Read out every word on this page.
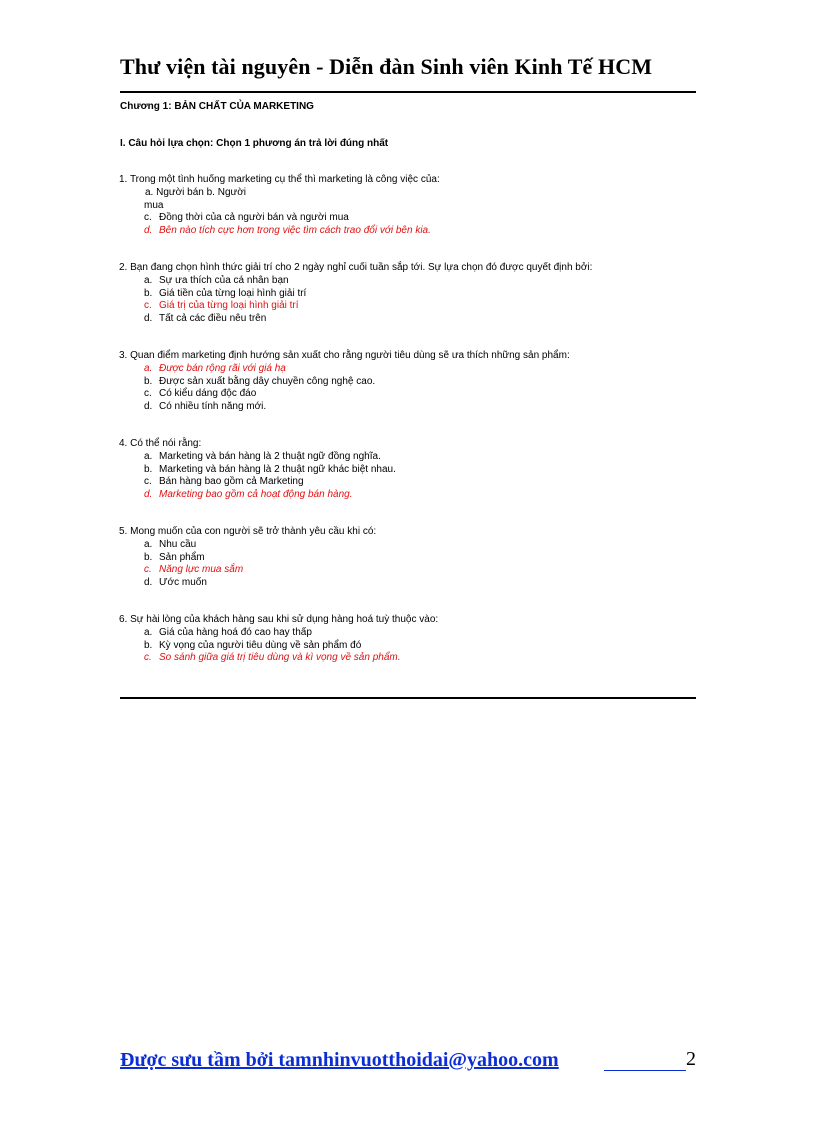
Thư viện tài nguyên - Diễn đàn Sinh viên Kinh Tế HCM
Chương 1: BẢN CHẤT CỦA MARKETING
I. Câu hỏi lựa chọn: Chọn 1 phương án trả lời đúng nhất

1. Trong một tình huống marketing cụ thể thì marketing là công việc của:

a. Người bán b. Người

mua

c. Đồng thời của cả người bán và người mua

d. Bên nào tích cực hơn trong việc tìm cách trao đổi với bên kia.

2. Bạn đang chọn hình thức giải trí cho 2 ngày nghỉ cuối tuần sắp tới. Sự lựa chọn đó được quyết định bởi:

a. Sự ưa thích của cá nhân bạn

b. Giá tiền của từng loại hình giải trí

c. Giá trị của từng loại hình giải trí

d. Tất cả các điều nêu trên

3. Quan điểm marketing định hướng sản xuất cho rằng người tiêu dùng sẽ ưa thích những sản phẩm:

a. Được bán rộng rãi với giá hạ

b. Được sản xuất bằng dây chuyền công nghệ cao.

c. Có kiểu dáng độc đáo

d. Có nhiều tính năng mới.

4. Có thể nói rằng:

a. Marketing và bán hàng là 2 thuật ngữ đồng nghĩa.

b. Marketing và bán hàng là 2 thuật ngữ khác biệt nhau.

c. Bán hàng bao gồm cả Marketing

d. Marketing bao gồm cả hoạt động bán hàng.

5. Mong muốn của con người sẽ trở thành yêu cầu khi có:

a. Nhu cầu

b. Sản phẩm

c. Năng lực mua sắm

d. Ước muốn

6. Sự hài lòng của khách hàng sau khi sử dụng hàng hoá tuỳ thuộc vào:

a. Giá của hàng hoá đó cao hay thấp

b. Kỳ vọng của người tiêu dùng về sản phẩm đó

c. So sánh giữa giá trị tiêu dùng và kì vọng về sản phẩm.

Được sưu tầm bởi tamnhinvuotthoidai@yahoo.com	2
